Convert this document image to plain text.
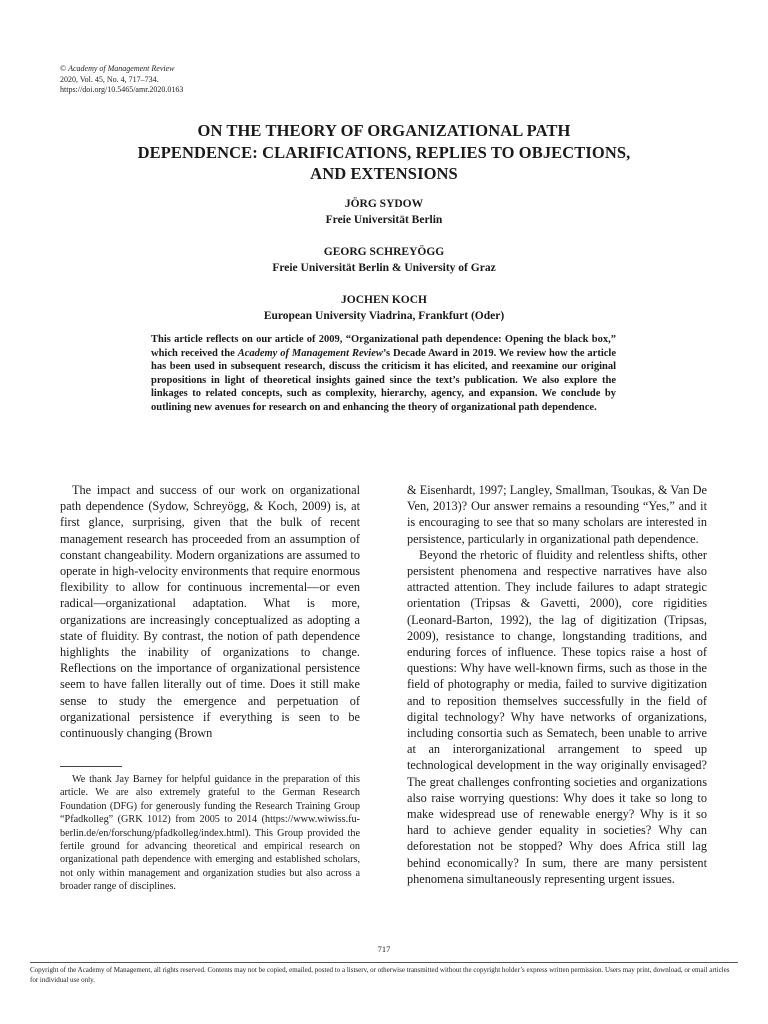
© Academy of Management Review
2020, Vol. 45, No. 4, 717–734.
https://doi.org/10.5465/amr.2020.0163
ON THE THEORY OF ORGANIZATIONAL PATH
DEPENDENCE: CLARIFICATIONS, REPLIES TO OBJECTIONS,
AND EXTENSIONS
JÖRG SYDOW
Freie Universität Berlin
GEORG SCHREYÖGG
Freie Universität Berlin & University of Graz
JOCHEN KOCH
European University Viadrina, Frankfurt (Oder)

This article reflects on our article of 2009, “Organizational path dependence: Opening the black box,” which received the Academy of Management Review’s Decade Award in 2019. We review how the article has been used in subsequent research, discuss the criticism it has elicited, and reexamine our original propositions in light of theoretical insights gained since the text’s publication. We also explore the linkages to related concepts, such as complexity, hierarchy, agency, and expansion. We conclude by outlining new avenues for research on and enhancing the theory of organizational path dependence.

The impact and success of our work on organizational path dependence (Sydow, Schreyögg, & Koch, 2009) is, at first glance, surprising, given that the bulk of recent management research has proceeded from an assumption of constant changeability. Modern organizations are assumed to operate in high-velocity environments that require enormous flexibility to allow for continuous incremental—or even radical—organizational adaptation. What is more, organizations are increasingly conceptualized as adopting a state of fluidity. By contrast, the notion of path dependence highlights the inability of organizations to change. Reflections on the importance of organizational persistence seem to have fallen literally out of time. Does it still make sense to study the emergence and perpetuation of organizational persistence if everything is seen to be continuously changing (Brown

& Eisenhardt, 1997; Langley, Smallman, Tsoukas, & Van De Ven, 2013)? Our answer remains a resounding “Yes,” and it is encouraging to see that so many scholars are interested in persistence, particularly in organizational path dependence.

Beyond the rhetoric of fluidity and relentless shifts, other persistent phenomena and respective narratives have also attracted attention. They include failures to adapt strategic orientation (Tripsas & Gavetti, 2000), core rigidities (Leonard-Barton, 1992), the lag of digitization (Tripsas, 2009), resistance to change, longstanding traditions, and enduring forces of influence. These topics raise a host of questions: Why have well-known firms, such as those in the field of photography or media, failed to survive digitization and to reposition themselves successfully in the field of digital technology? Why have networks of organizations, including consortia such as Sematech, been unable to arrive at an interorganizational arrangement to speed up technological development in the way originally envisaged? The great challenges confronting societies and organizations also raise worrying questions: Why does it take so long to make widespread use of renewable energy? Why is it so hard to achieve gender equality in societies? Why can deforestation not be stopped? Why does Africa still lag behind economically? In sum, there are many persistent phenomena simultaneously representing urgent issues.

We thank Jay Barney for helpful guidance in the preparation of this article. We are also extremely grateful to the German Research Foundation (DFG) for generously funding the Research Training Group “Pfadkolleg” (GRK 1012) from 2005 to 2014 (https://www.wiwiss.fu-berlin.de/en/forschung/pfadkolleg/index.html). This Group provided the fertile ground for advancing theoretical and empirical research on organizational path dependence with emerging and established scholars, not only within management and organization studies but also across a broader range of disciplines.

717

Copyright of the Academy of Management, all rights reserved. Contents may not be copied, emailed, posted to a listserv, or otherwise transmitted without the copyright holder’s express written permission. Users may print, download, or email articles for individual use only.
